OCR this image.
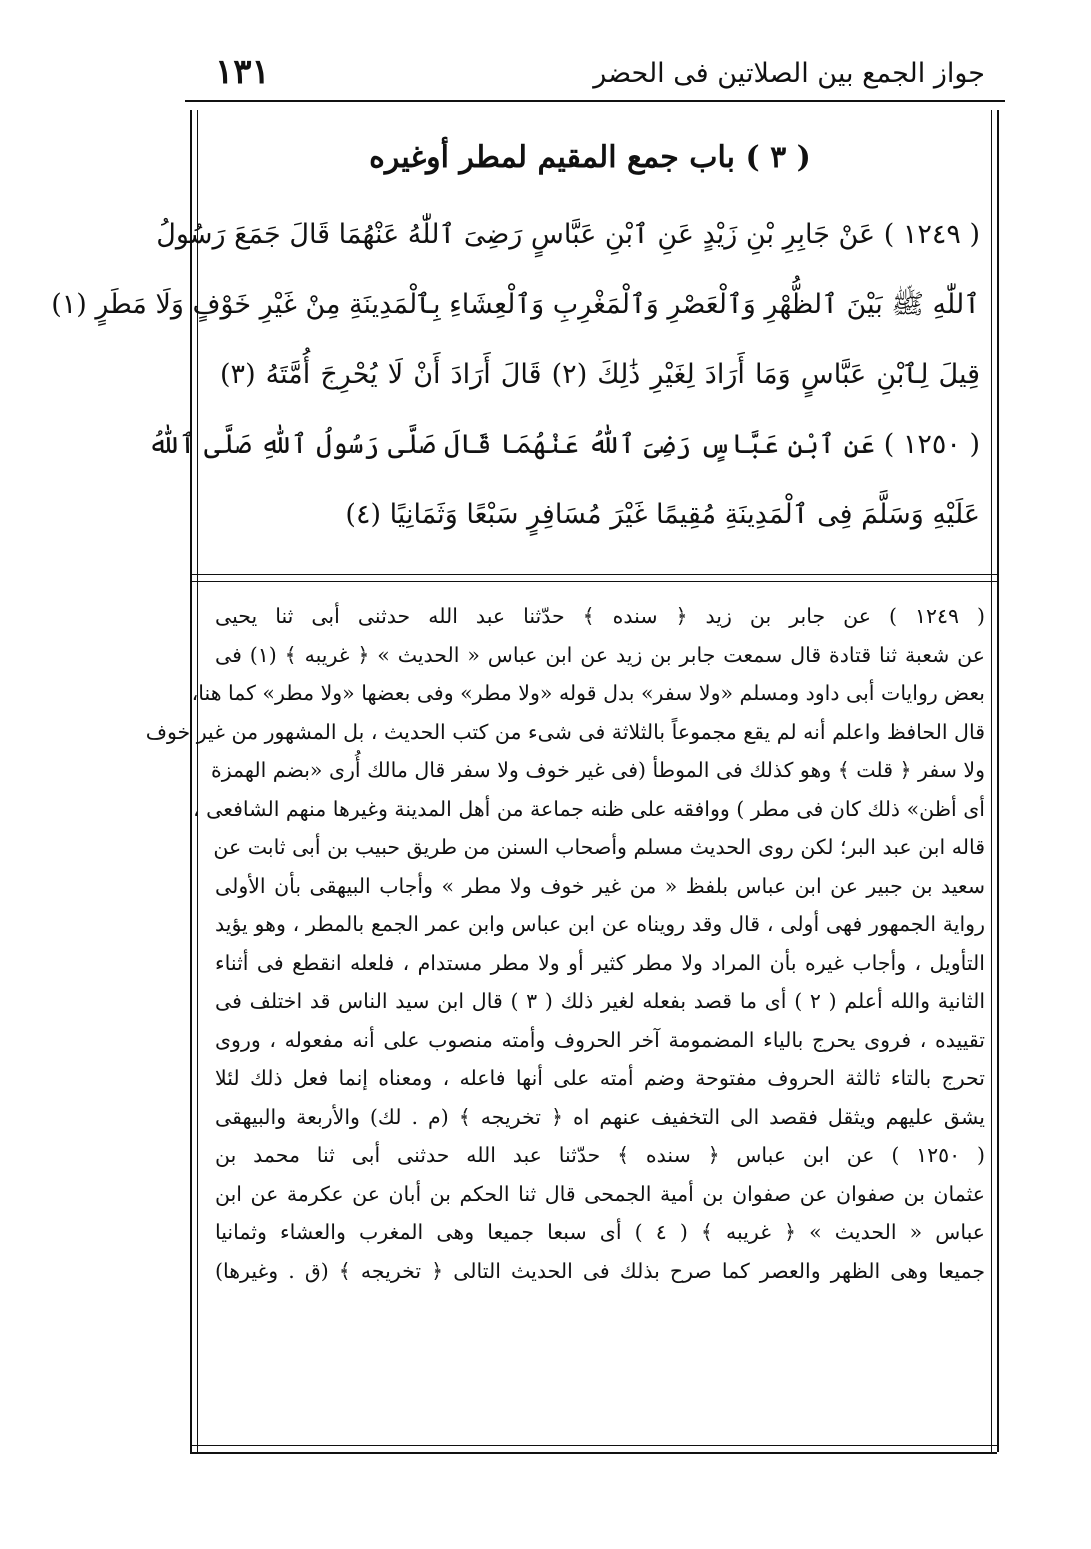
١٣١	جواز الجمع بين الصلاتين فى الحضر
( ٣ ) باب جمع المقيم لمطر أوغيره
( ١٢٤٩ ) عَنْ جَابِرِ بْنِ زَيْدٍ عَنِ ٱبْنِ عَبَّاسٍ رَضِىَ ٱللّٰهُ عَنْهُمَا قَالَ جَمَعَ رَسُولُ
ٱللّٰهِ ﷺ بَيْنَ ٱلظُّهْرِ وَٱلْعَصْرِ وَٱلْمَغْرِبِ وَٱلْعِشَاءِ بِٱلْمَدِينَةِ مِنْ غَيْرِ خَوْفٍ وَلَا مَطَرٍ (١)
قِيلَ لِٱبْنِ عَبَّاسٍ وَمَا أَرَادَ لِغَيْرِ ذَٰلِكَ (٢) قَالَ أَرَادَ أَنْ لَا يُحْرِجَ أُمَّتَهُ (٣)
( ١٢٥٠ ) عَنِ ٱبْنِ عَبَّاسٍ رَضِىَ ٱللّٰهُ عَنْهُمَا قَالَ صَلَّى رَسُولُ ٱللّٰهِ صَلَّى ٱللّٰهُ
عَلَيْهِ وَسَلَّمَ فِى ٱلْمَدِينَةِ مُقِيمًا غَيْرَ مُسَافِرٍ سَبْعًا وَثَمَانِيًا (٤)
( ١٢٤٩ ) عن جابر بن زيد ﴿ سنده ﴾ حدّثنا عبد الله حدثنى أبى ثنا يحيى
عن شعبة ثنا قتادة قال سمعت جابر بن زيد عن ابن عباس « الحديث » ﴿ غريبه ﴾ (١) فى
بعض روايات أبى داود ومسلم «ولا سفر» بدل قوله «ولا مطر» وفى بعضها «ولا مطر» كما هنا،
قال الحافظ واعلم أنه لم يقع مجموعاً بالثلاثة فى شىء من كتب الحديث ، بل المشهور من غير خوف
ولا سفر ﴿ قلت ﴾ وهو كذلك فى الموطأ (فى غير خوف ولا سفر قال مالك أُرى «بضم الهمزة
أى أظن» ذلك كان فى مطر ) ووافقه على ظنه جماعة من أهل المدينة وغيرها منهم الشافعى ،
قاله ابن عبد البر؛ لكن روى الحديث مسلم وأصحاب السنن من طريق حبيب بن أبى ثابت عن
سعيد بن جبير عن ابن عباس بلفظ « من غير خوف ولا مطر » وأجاب البيهقى بأن الأولى
رواية الجمهور فهى أولى ، قال وقد رويناه عن ابن عباس وابن عمر الجمع بالمطر ، وهو يؤيد
التأويل ، وأجاب غيره بأن المراد ولا مطر كثير أو ولا مطر مستدام ، فلعله انقطع فى أثناء
الثانية والله أعلم ( ٢ ) أى ما قصد بفعله لغير ذلك ( ٣ ) قال ابن سيد الناس قد اختلف فى
تقييده ، فروى يحرج بالياء المضمومة آخر الحروف وأمته منصوب على أنه مفعوله ، وروى
تحرج بالتاء ثالثة الحروف مفتوحة وضم أمته على أنها فاعله ، ومعناه إنما فعل ذلك لئلا
يشق عليهم ويثقل فقصد الى التخفيف عنهم اه ﴿ تخريجه ﴾ (م . لك) والأربعة والبيهقى
( ١٢٥٠ ) عن ابن عباس ﴿ سنده ﴾ حدّثنا عبد الله حدثنى أبى ثنا محمد بن
عثمان بن صفوان عن صفوان بن أمية الجمحى قال ثنا الحكم بن أبان عن عكرمة عن ابن
عباس « الحديث » ﴿ غريبه ﴾ ( ٤ ) أى سبعا جميعا وهى المغرب والعشاء وثمانيا
جميعا وهى الظهر والعصر كما صرح بذلك فى الحديث التالى ﴿ تخريجه ﴾ (ق . وغيرها)
